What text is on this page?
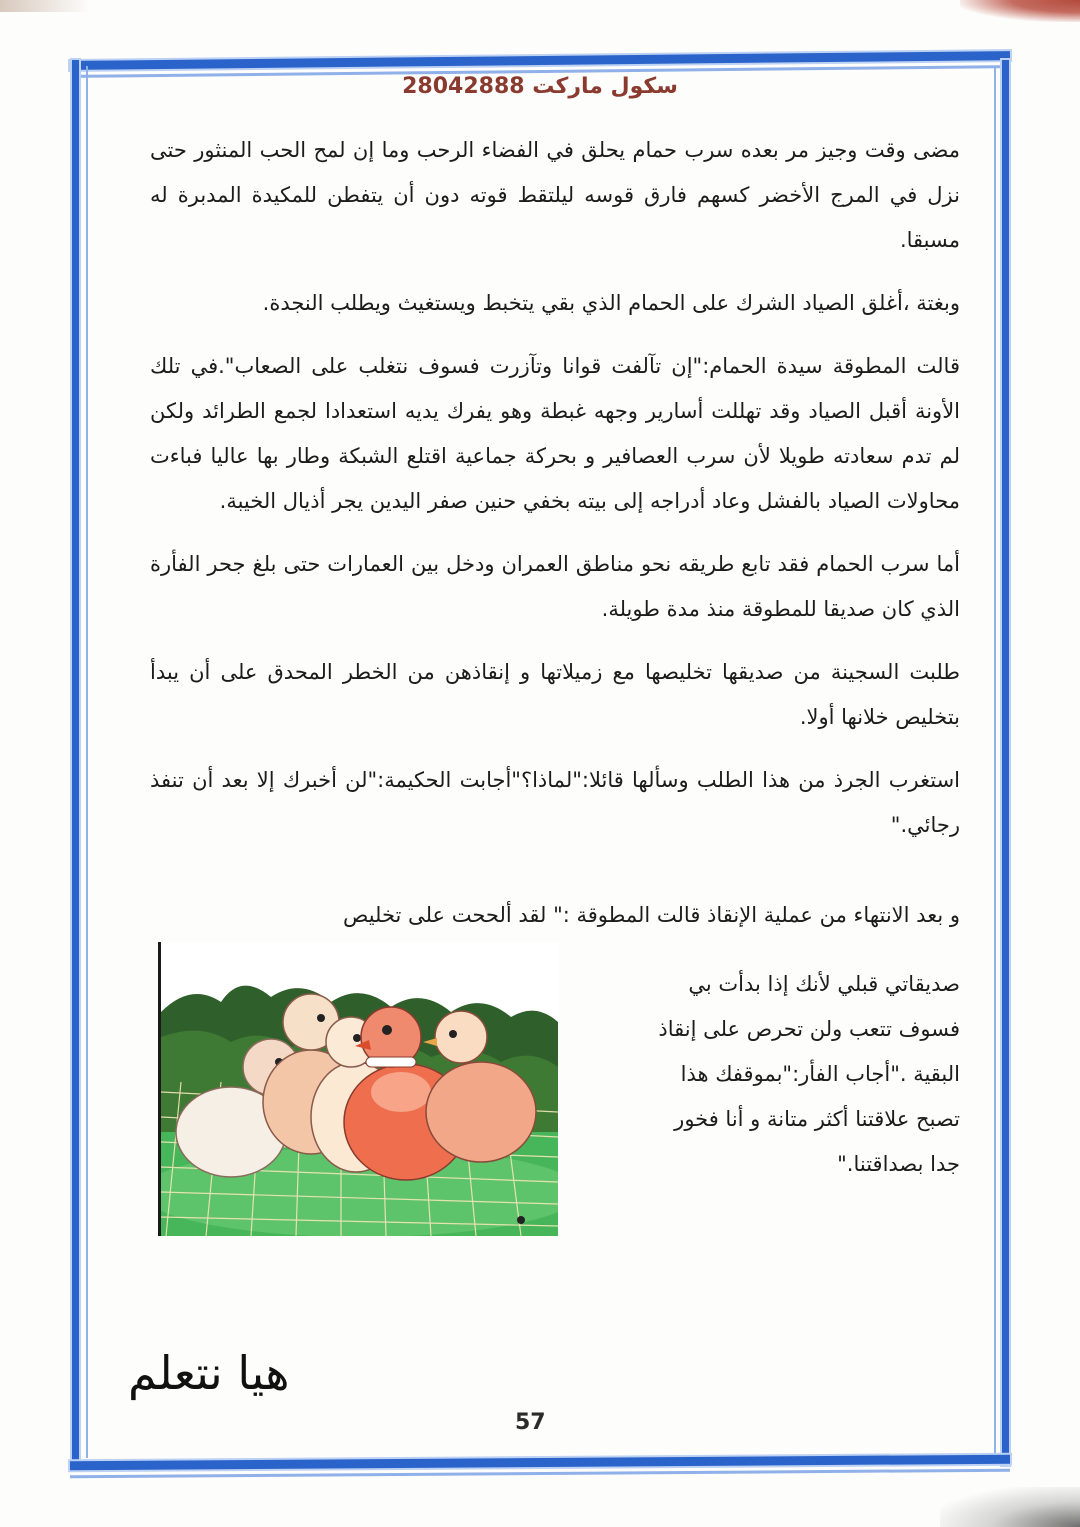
سكول ماركت 28042888

مضى وقت وجيز مر بعده سرب حمام يحلق في الفضاء الرحب وما إن لمح الحب المنثور حتى نزل في المرج الأخضر كسهم فارق قوسه ليلتقط قوته دون أن يتفطن للمكيدة المدبرة له مسبقا.

وبغتة ،أغلق الصياد الشرك على الحمام الذي بقي يتخبط ويستغيث ويطلب النجدة.

قالت المطوقة سيدة الحمام:"إن تآلفت قوانا وتآزرت فسوف نتغلب على الصعاب".في تلك الأونة أقبل الصياد وقد تهللت أسارير وجهه غبطة وهو يفرك يديه استعدادا لجمع الطرائد ولكن لم تدم سعادته طويلا لأن سرب العصافير و بحركة جماعية اقتلع الشبكة وطار بها عاليا فباءت محاولات الصياد بالفشل وعاد أدراجه إلى بيته بخفي حنين صفر اليدين يجر أذيال الخيبة.

أما سرب الحمام فقد تابع طريقه نحو مناطق العمران ودخل بين العمارات حتى بلغ جحر الفأرة الذي كان صديقا للمطوقة منذ مدة طويلة.

طلبت السجينة من صديقها تخليصها مع زميلاتها و إنقاذهن من الخطر المحدق على أن يبدأ بتخليص خلانها أولا.

استغرب الجرذ من هذا الطلب وسألها قائلا:"لماذا؟"أجابت الحكيمة:"لن أخبرك إلا بعد أن تنفذ رجائي."

و بعد الانتهاء من عملية الإنقاذ قالت المطوقة :" لقد ألححت على تخليص
صديقاتي قبلي لأنك إذا بدأت بي
فسوف تتعب ولن تحرص على إنقاذ
البقية ."أجاب الفأر:"بموقفك هذا
تصبح علاقتنا أكثر متانة و أنا فخور
جدا بصداقتنا."
هيا نتعلم
57
